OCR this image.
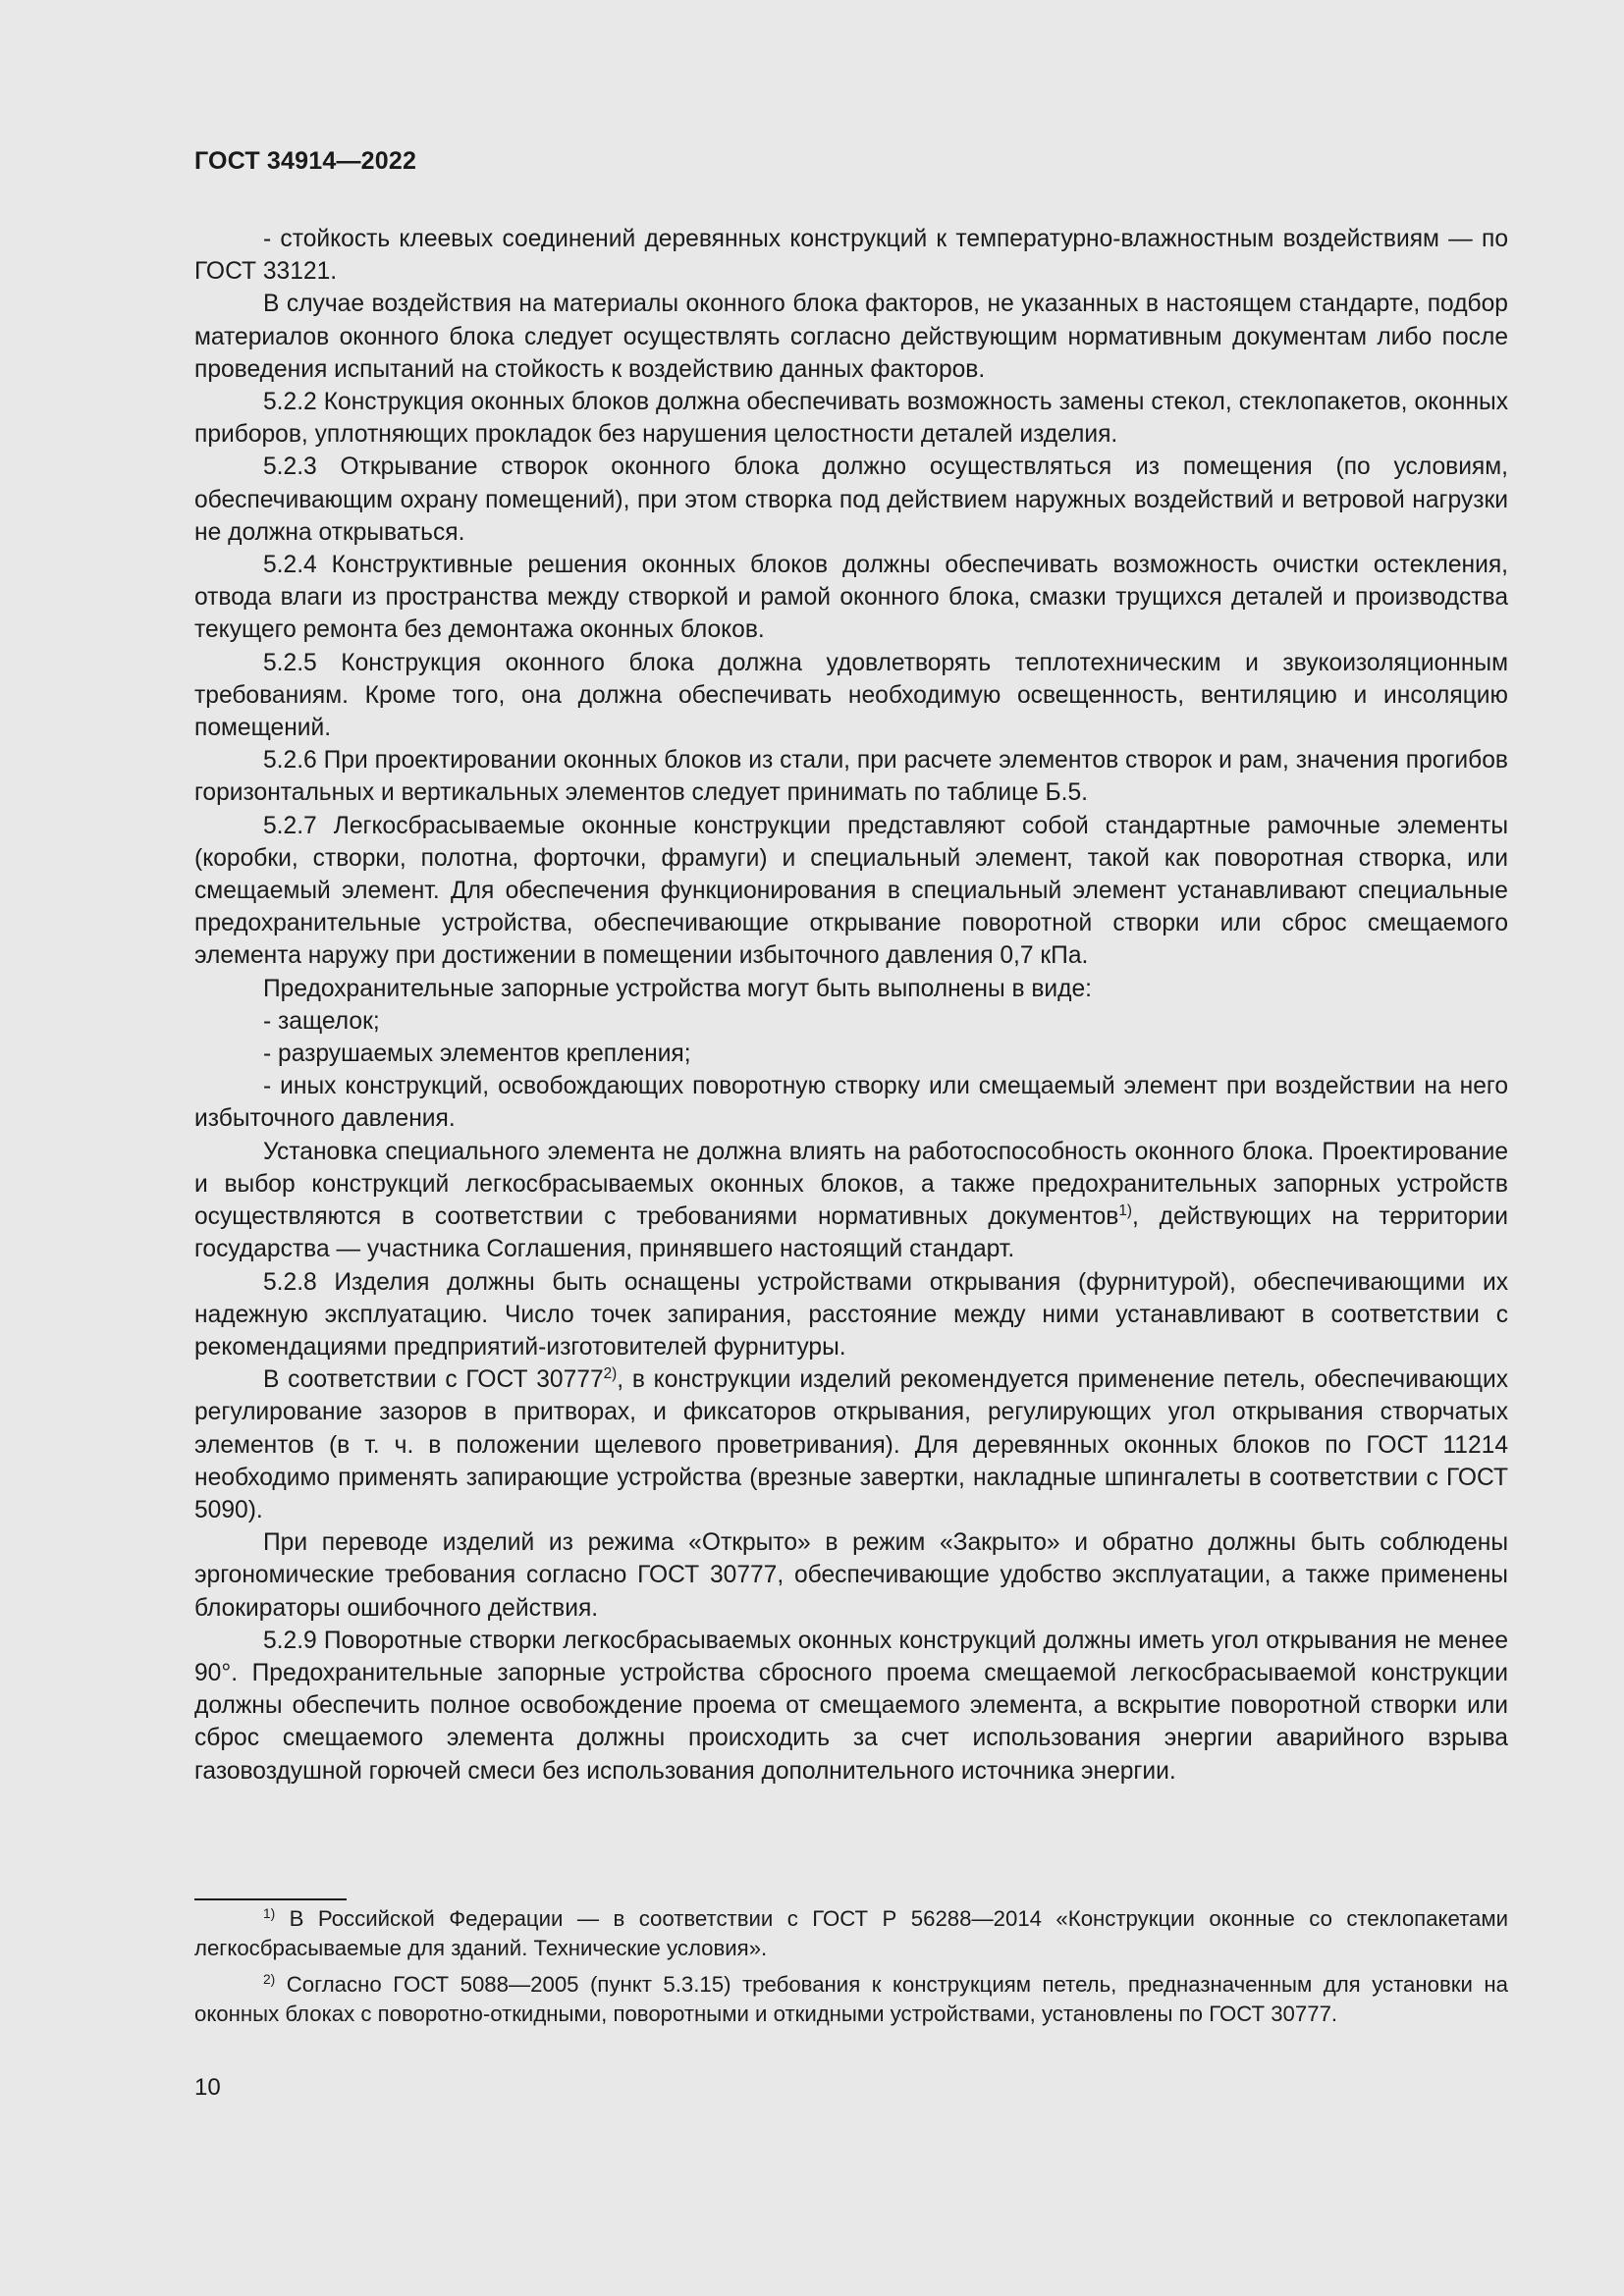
ГОСТ 34914—2022

- стойкость клеевых соединений деревянных конструкций к температурно-влажностным воздействиям — по ГОСТ 33121.

В случае воздействия на материалы оконного блока факторов, не указанных в настоящем стандарте, подбор материалов оконного блока следует осуществлять согласно действующим нормативным документам либо после проведения испытаний на стойкость к воздействию данных факторов.

5.2.2 Конструкция оконных блоков должна обеспечивать возможность замены стекол, стеклопакетов, оконных приборов, уплотняющих прокладок без нарушения целостности деталей изделия.

5.2.3 Открывание створок оконного блока должно осуществляться из помещения (по условиям, обеспечивающим охрану помещений), при этом створка под действием наружных воздействий и ветровой нагрузки не должна открываться.

5.2.4 Конструктивные решения оконных блоков должны обеспечивать возможность очистки остекления, отвода влаги из пространства между створкой и рамой оконного блока, смазки трущихся деталей и производства текущего ремонта без демонтажа оконных блоков.

5.2.5 Конструкция оконного блока должна удовлетворять теплотехническим и звукоизоляционным требованиям. Кроме того, она должна обеспечивать необходимую освещенность, вентиляцию и инсоляцию помещений.

5.2.6 При проектировании оконных блоков из стали, при расчете элементов створок и рам, значения прогибов горизонтальных и вертикальных элементов следует принимать по таблице Б.5.

5.2.7 Легкосбрасываемые оконные конструкции представляют собой стандартные рамочные элементы (коробки, створки, полотна, форточки, фрамуги) и специальный элемент, такой как поворотная створка, или смещаемый элемент. Для обеспечения функционирования в специальный элемент устанавливают специальные предохранительные устройства, обеспечивающие открывание поворотной створки или сброс смещаемого элемента наружу при достижении в помещении избыточного давления 0,7 кПа.

Предохранительные запорные устройства могут быть выполнены в виде:

- защелок;

- разрушаемых элементов крепления;

- иных конструкций, освобождающих поворотную створку или смещаемый элемент при воздействии на него избыточного давления.

Установка специального элемента не должна влиять на работоспособность оконного блока. Проектирование и выбор конструкций легкосбрасываемых оконных блоков, а также предохранительных запорных устройств осуществляются в соответствии с требованиями нормативных документов$^{1)}$, действующих на территории государства — участника Соглашения, принявшего настоящий стандарт.

5.2.8 Изделия должны быть оснащены устройствами открывания (фурнитурой), обеспечивающими их надежную эксплуатацию. Число точек запирания, расстояние между ними устанавливают в соответствии с рекомендациями предприятий-изготовителей фурнитуры.

В соответствии с ГОСТ 30777$^{2)}$, в конструкции изделий рекомендуется применение петель, обеспечивающих регулирование зазоров в притворах, и фиксаторов открывания, регулирующих угол открывания створчатых элементов (в т. ч. в положении щелевого проветривания). Для деревянных оконных блоков по ГОСТ 11214 необходимо применять запирающие устройства (врезные завертки, накладные шпингалеты в соответствии с ГОСТ 5090).

При переводе изделий из режима «Открыто» в режим «Закрыто» и обратно должны быть соблюдены эргономические требования согласно ГОСТ 30777, обеспечивающие удобство эксплуатации, а также применены блокираторы ошибочного действия.

5.2.9 Поворотные створки легкосбрасываемых оконных конструкций должны иметь угол открывания не менее 90°. Предохранительные запорные устройства сбросного проема смещаемой легкосбрасываемой конструкции должны обеспечить полное освобождение проема от смещаемого элемента, а вскрытие поворотной створки или сброс смещаемого элемента должны происходить за счет использования энергии аварийного взрыва газовоздушной горючей смеси без использования дополнительного источника энергии.

$^{1)}$ В Российской Федерации — в соответствии с ГОСТ Р 56288—2014 «Конструкции оконные со стеклопакетами легкосбрасываемые для зданий. Технические условия».

$^{2)}$ Согласно ГОСТ 5088—2005 (пункт 5.3.15) требования к конструкциям петель, предназначенным для установки на оконных блоках с поворотно-откидными, поворотными и откидными устройствами, установлены по ГОСТ 30777.

10
